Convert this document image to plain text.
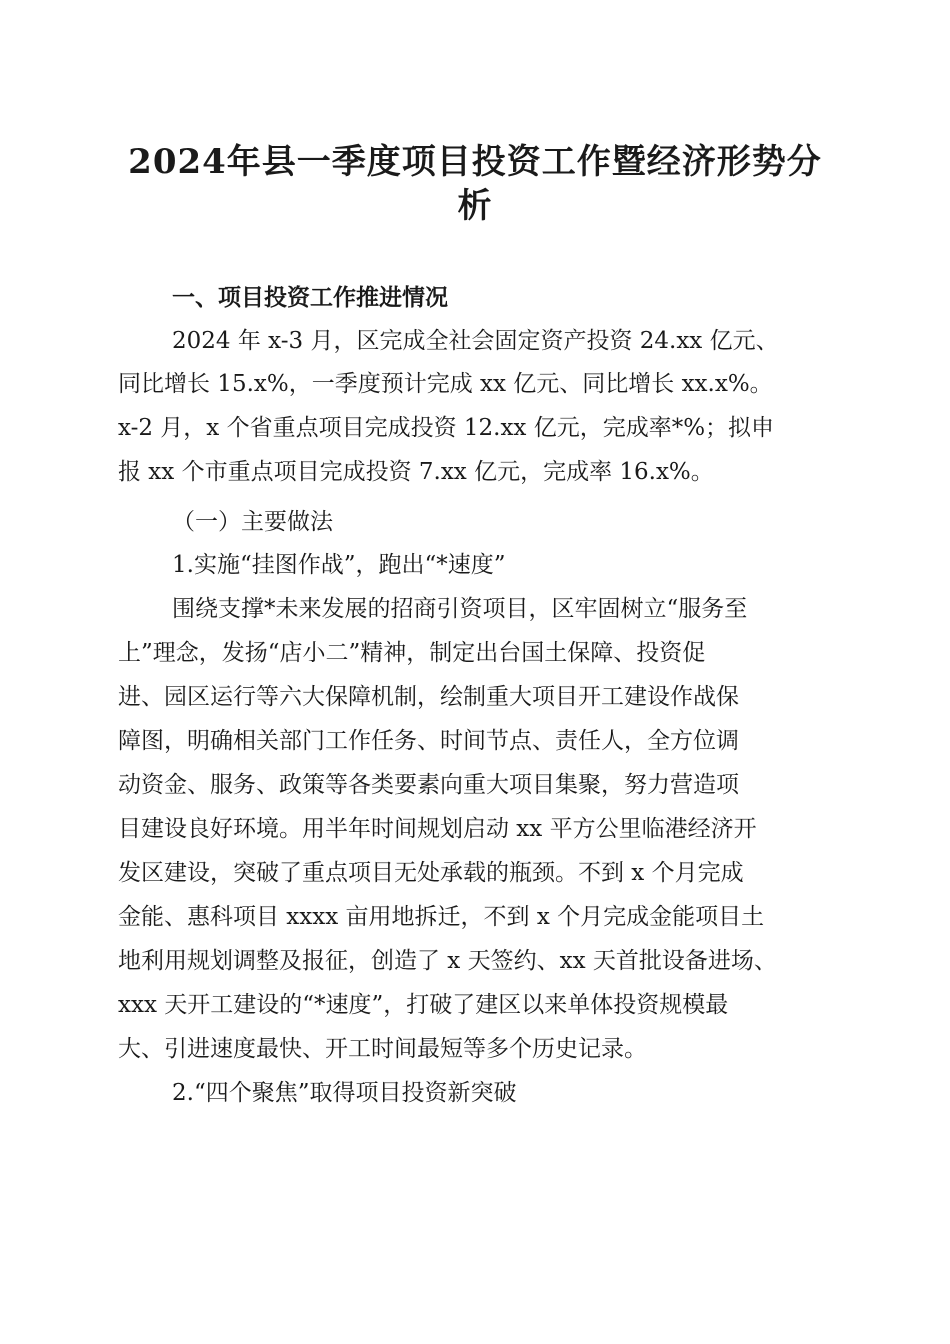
2024年县一季度项目投资工作暨经济形势分
析

一、项目投资工作推进情况

2024 年 x-3 月，区完成全社会固定资产投资 24.xx 亿元、

同比增长 15.x%，一季度预计完成 xx 亿元、同比增长 xx.x%。

x-2 月，x 个省重点项目完成投资 12.xx 亿元，完成率*%；拟申

报 xx 个市重点项目完成投资 7.xx 亿元，完成率 16.x%。

（一）主要做法

1.实施“挂图作战”，跑出“*速度”

围绕支撑*未来发展的招商引资项目，区牢固树立“服务至

上”理念，发扬“店小二”精神，制定出台国土保障、投资促

进、园区运行等六大保障机制，绘制重大项目开工建设作战保

障图，明确相关部门工作任务、时间节点、责任人，全方位调

动资金、服务、政策等各类要素向重大项目集聚，努力营造项

目建设良好环境。用半年时间规划启动 xx 平方公里临港经济开

发区建设，突破了重点项目无处承载的瓶颈。不到 x 个月完成

金能、惠科项目 xxxx 亩用地拆迁，不到 x 个月完成金能项目土

地利用规划调整及报征，创造了 x 天签约、xx 天首批设备进场、

xxx 天开工建设的“*速度”，打破了建区以来单体投资规模最

大、引进速度最快、开工时间最短等多个历史记录。

2.“四个聚焦”取得项目投资新突破
